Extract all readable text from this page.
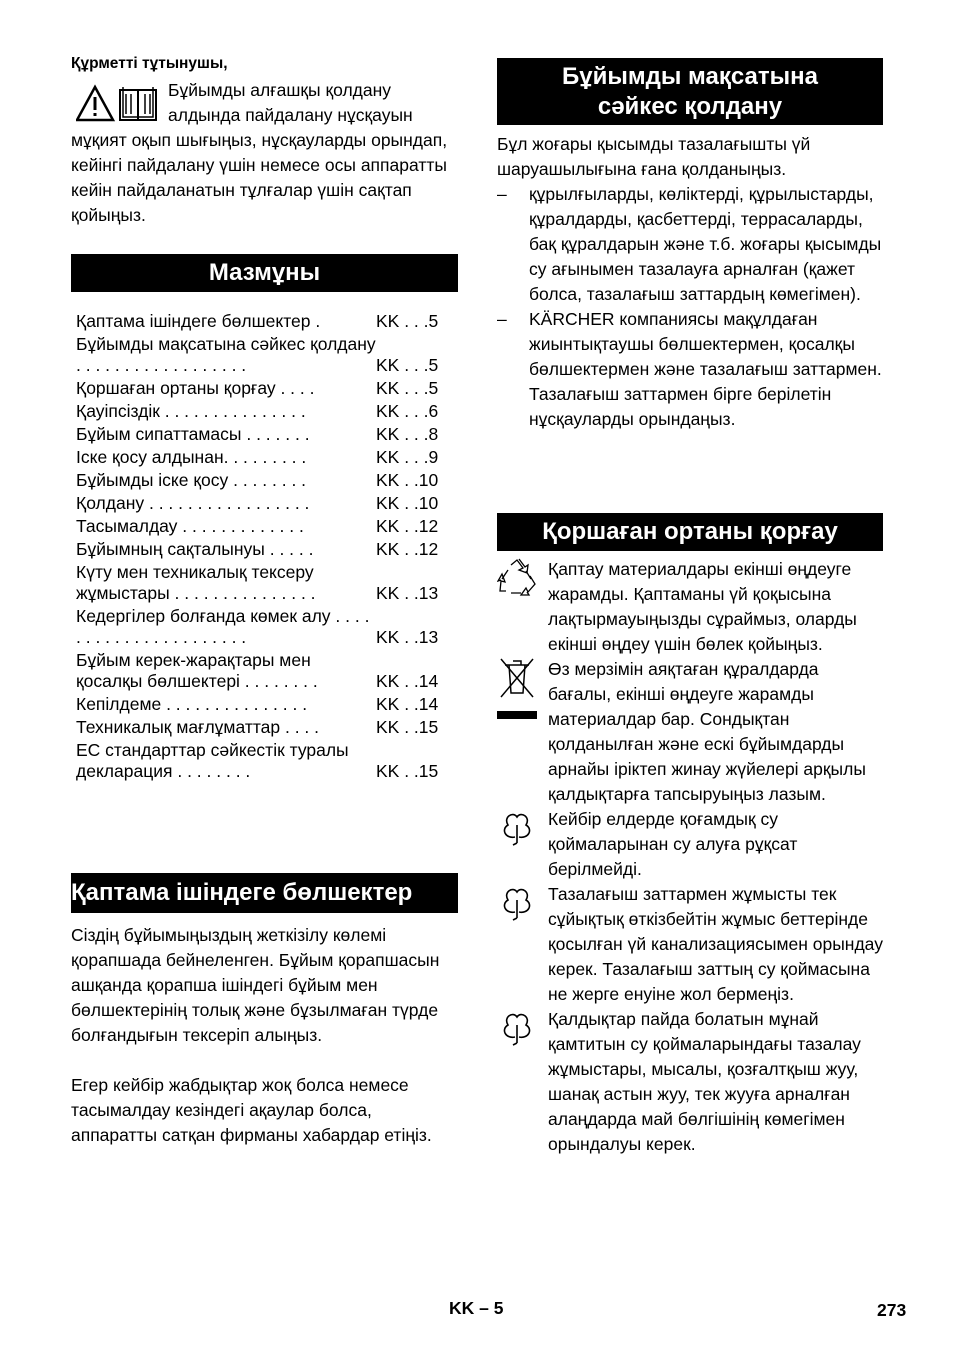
Құрметті тұтынушы,
Бұйымды алғашқы қолдану
алдында пайдалану нұсқауын
мұқият оқып шығыңыз, нұсқауларды орындап, кейінгі пайдалану үшін немесе осы аппаратты кейін пайдаланатын тұлғалар үшін сақтап қойыңыз.
Мазмұны
Қаптама ішіндеге бөлшектер .	KK . . .5
Бұйымды мақсатына сәйкес қолдану . . . . . . . . . . . . . . . . . .	KK . . .5
Қоршаған ортаны қорғау . . . .	KK . . .5
Қауіпсіздік . . . . . . . . . . . . . . .	KK . . .6
Бұйым сипаттамасы . . . . . . .	KK . . .8
Іске қосу алдынан. . . . . . . . .	KK . . .9
Бұйымды іске қосу . . . . . . . .	KK . .10
Қолдану . . . . . . . . . . . . . . . . .	KK . .10
Тасымалдау . . . . . . . . . . . . .	KK . .12
Бұйымның сақталынуы . . . . .	KK . .12
Күту мен техникалық тексеру жұмыстары . . . . . . . . . . . . . . .	KK . .13
Кедергілер болғанда көмек алу . . . . . . . . . . . . . . . . . . . . . .	KK . .13
Бұйым керек-жарақтары мен қосалқы бөлшектері . . . . . . . .	KK . .14
Кепілдеме . . . . . . . . . . . . . . .	KK . .14
Техникалық мағлұматтар . . . .	KK . .15
ЕС стандарттар сәйкестік туралы декларация . . . . . . . .	KK . .15
Қаптама ішіндеге бөлшектер
Сіздің бұйымыңыздың жеткізілу көлемі қорапшада бейнеленген. Бұйым қорапшасын ашқанда қорапша ішіндегі бұйым мен бөлшектерінің толық және бұзылмаған түрде болғандығын тексеріп алыңыз.
Егер кейбір жабдықтар жоқ болса немесе тасымалдау кезіндегі ақаулар болса, аппаратты сатқан фирманы хабардар етіңіз.
Бұйымды мақсатына
сәйкес қолдану
Бұл жоғары қысымды тазалағышты үй шаруашылығына ғана қолданыңыз.
– құрылғыларды, көліктерді, құрылыстарды, құралдарды, қасбеттерді, террасаларды, бақ құралдарын және т.б. жоғары қысымды су ағынымен тазалауға арналған (қажет болса, тазалағыш заттардың көмегімен).
– KÄRCHER компаниясы мақұлдаған жиынтықтаушы бөлшектермен, қосалқы бөлшектермен және тазалағыш заттармен. Тазалағыш заттармен бірге берілетін нұсқауларды орындаңыз.
Қоршаған ортаны қорғау
Қаптау материалдары екінші өңдеуге жарамды. Қаптаманы үй қоқысына лақтырмауыңызды сұраймыз, оларды екінші өңдеу үшін бөлек қойыңыз.
Өз мерзімін аяқтаған құралдарда бағалы, екінші өңдеуге жарамды материалдар бар. Сондықтан қолданылған және ескі бұйымдарды арнайы іріктеп жинау жүйелері арқылы қалдықтарға тапсыруыңыз лазым.
Кейбір елдерде қоғамдық су қоймаларынан су алуға рұқсат берілмейді.
Тазалағыш заттармен жұмысты тек сұйықтық өткізбейтін жұмыс беттерінде қосылған үй канализациясымен орындау керек. Тазалағыш заттың су қоймасына не жерге енуіне жол бермеңіз.
Қалдықтар пайда болатын мұнай қамтитын су қоймаларындағы тазалау жұмыстары, мысалы, қозғалтқыш жуу, шанақ астын жуу, тек жууға арналған алаңдарда май бөлгішінің көмегімен орындалуы керек.
KK – 5	273
